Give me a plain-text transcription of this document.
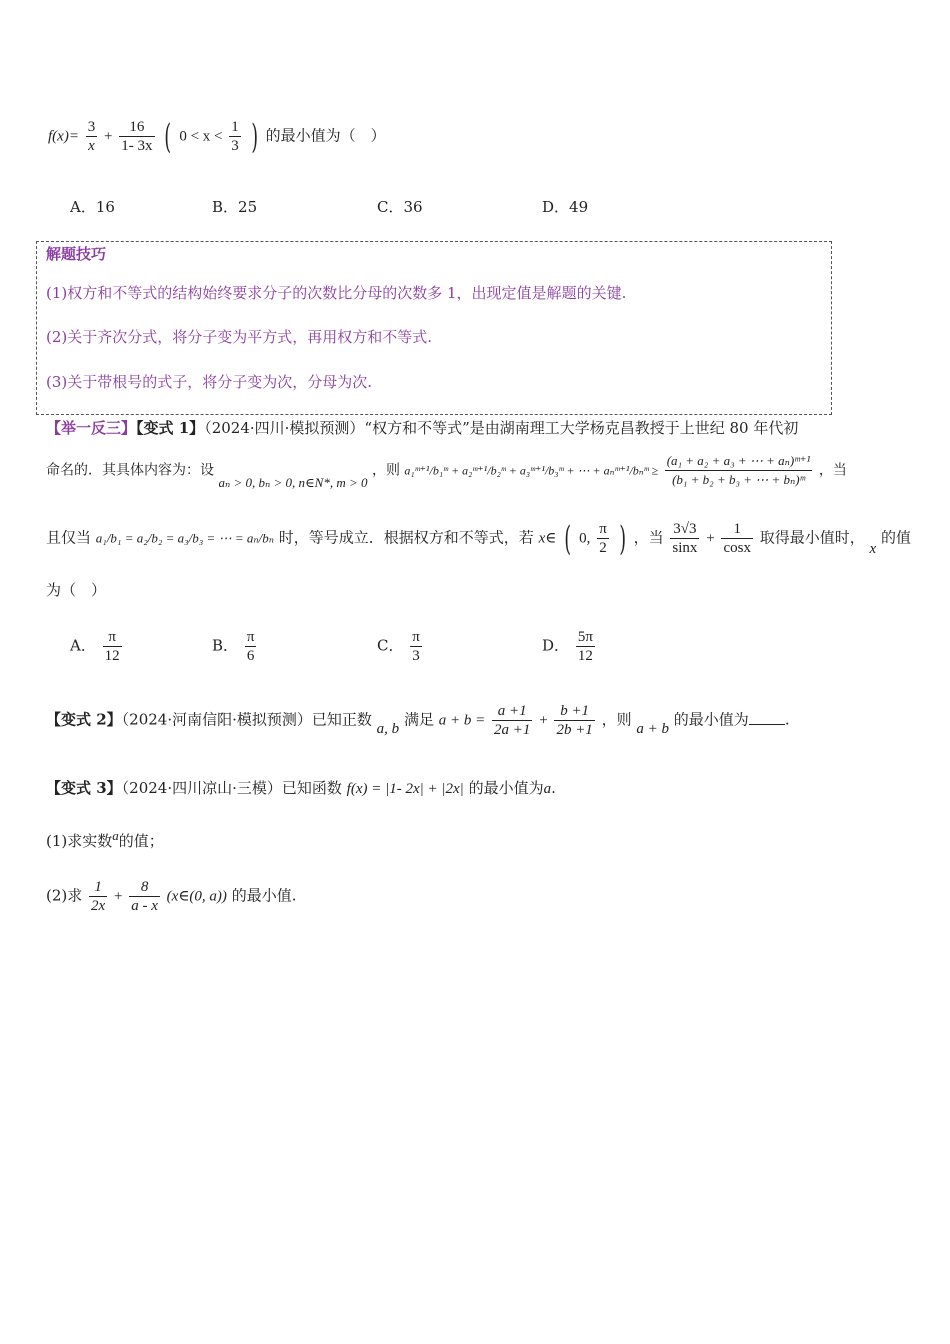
$f(x)= \frac{3}{x} + \frac{16}{1- 3x}$ ( $0 < x < \frac{1}{3}$ ) 的最小值为（　）
A．16	B．25	C．36	D．49
解题技巧
(1)权方和不等式的结构始终要求分子的次数比分母的次数多 1，出现定值是解题的关键.
(2)关于齐次分式，将分子变为平方式，再用权方和不等式.
(3)关于带根号的式子，将分子变为次，分母为次.
【举一反三】【变式 1】（2024·四川·模拟预测）“权方和不等式”是由湖南理工大学杨克昌教授于上世纪 80 年代初
命名的．其具体内容为：设 aₙ > 0, bₙ > 0, n∈N*, m > 0 ，则 a₁ᵐ⁺¹/b₁ᵐ + a₂ᵐ⁺¹/b₂ᵐ + a₃ᵐ⁺¹/b₃ᵐ + ⋯ + aₙᵐ⁺¹/bₙᵐ ≥ $\frac{\text{(a₁ + a₂ + a₃ + ⋯ + aₙ)ᵐ⁺¹}}{\text{(b₁ + b₂ + b₃ + ⋯ + bₙ)ᵐ}}$ ，当
且仅当 a₁/b₁ = a₂/b₂ = a₃/b₃ = ⋯ = aₙ/bₙ 时，等号成立．根据权方和不等式，若 x∈ ( 0, $\frac{\pi}{2}$ ) ，当 $\frac{3√3}{\sin x} + \frac{1}{\cos x}$ 取得最小值时， x 的值
为（　）
A． $\frac{\pi}{12}$	B． $\frac{\pi}{6}$	C． $\frac{\pi}{3}$	D． $\frac{5\pi}{12}$
【变式 2】（2024·河南信阳·模拟预测）已知正数 a, b 满足 $a + b = \frac{a +1}{2a +1} + \frac{b +1}{2b +1}$ ，则 a + b 的最小值为 .
【变式 3】（2024·四川凉山·三模）已知函数 f(x) = |1- 2x| + |2x| 的最小值为a.
(1)求实数a的值；
(2)求 $\frac{1}{2x} + \frac{8}{a - x}$ (x∈(0, a)) 的最小值.
